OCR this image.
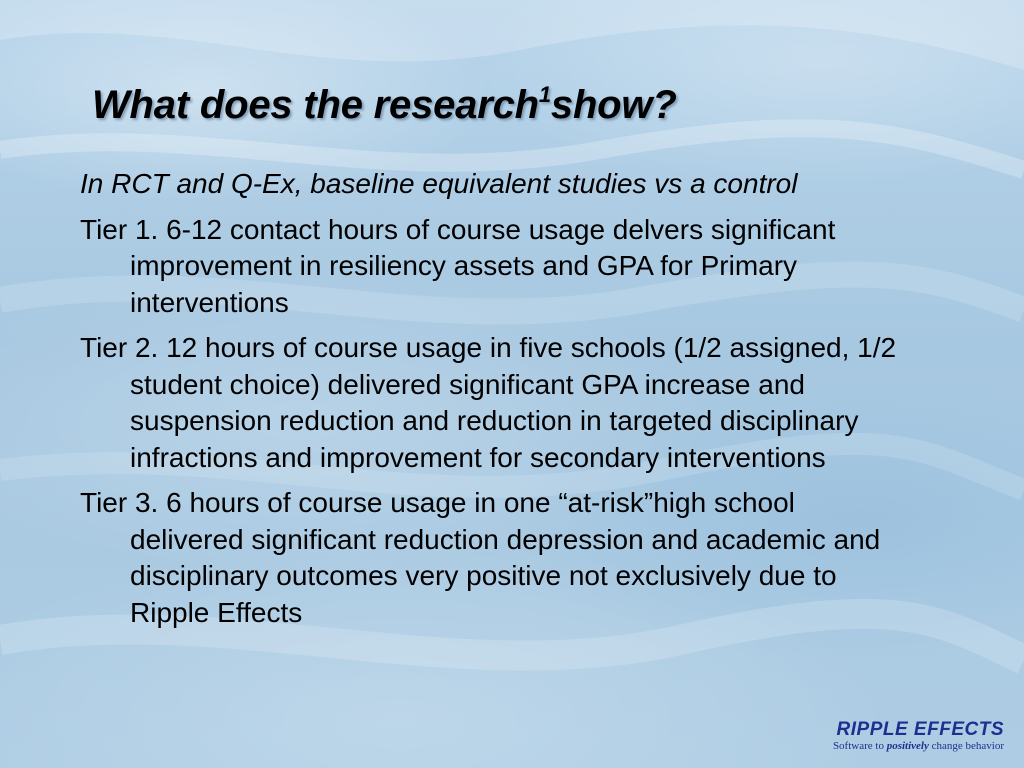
What does the research$^1$show?

In RCT and Q-Ex, baseline equivalent studies vs a control

Tier 1. 6-12 contact hours of course usage delvers significant improvement in resiliency assets and GPA for Primary interventions

Tier 2. 12 hours of course usage in five schools (1/2 assigned, 1/2 student choice) delivered significant GPA increase and suspension reduction and reduction in targeted disciplinary infractions and improvement for secondary interventions

Tier 3. 6 hours of course usage in one “at-risk”high school delivered significant reduction depression and academic and disciplinary outcomes very positive not exclusively due to Ripple Effects

RIPPLE EFFECTS
Software to positively change behavior
